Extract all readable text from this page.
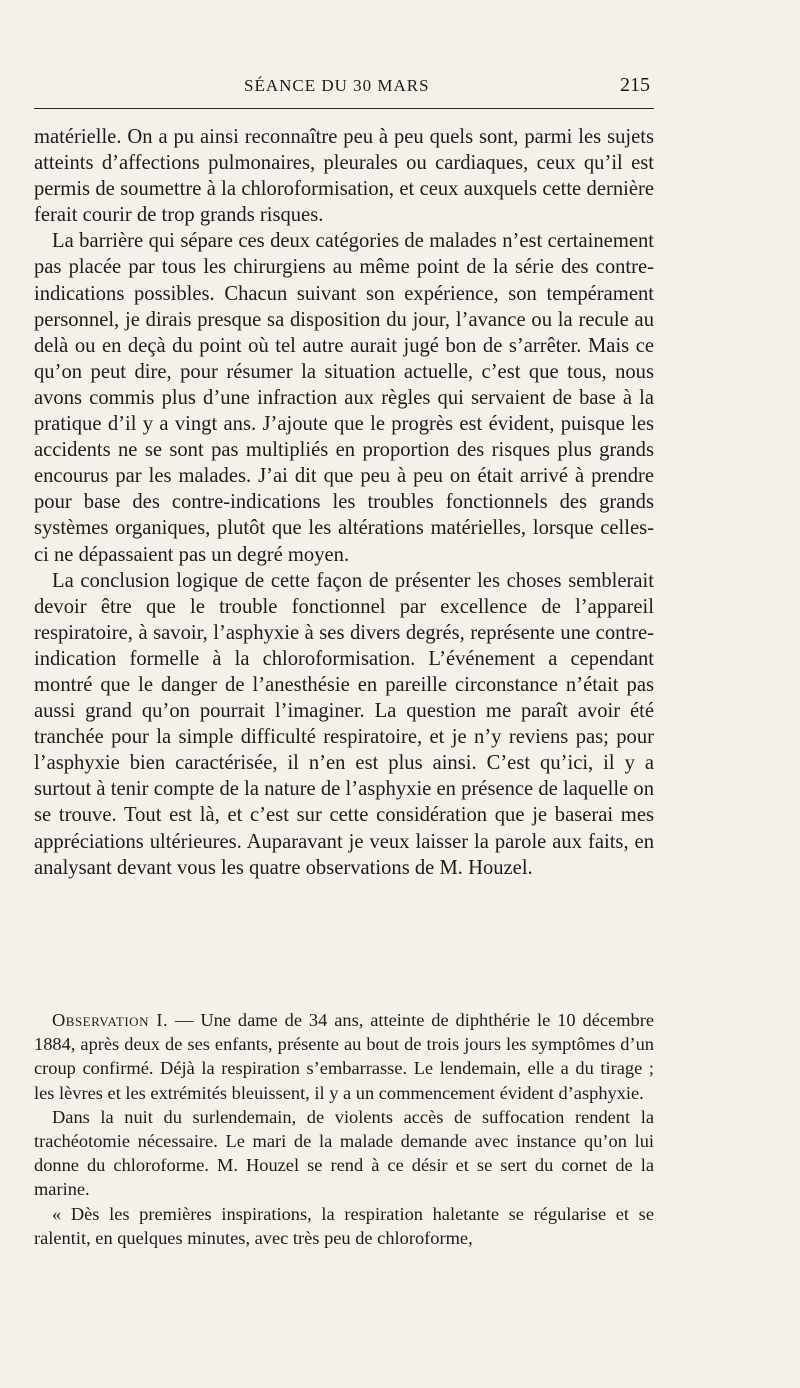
SÉANCE DU 30 MARS	215

matérielle. On a pu ainsi reconnaître peu à peu quels sont, parmi les sujets atteints d’affections pulmonaires, pleurales ou cardiaques, ceux qu’il est permis de soumettre à la chloroformisation, et ceux auxquels cette dernière ferait courir de trop grands risques.

La barrière qui sépare ces deux catégories de malades n’est certainement pas placée par tous les chirurgiens au même point de la série des contre-indications possibles. Chacun suivant son expérience, son tempérament personnel, je dirais presque sa disposition du jour, l’avance ou la recule au delà ou en deçà du point où tel autre aurait jugé bon de s’arrêter. Mais ce qu’on peut dire, pour résumer la situation actuelle, c’est que tous, nous avons commis plus d’une infraction aux règles qui servaient de base à la pratique d’il y a vingt ans. J’ajoute que le progrès est évident, puisque les accidents ne se sont pas multipliés en proportion des risques plus grands encourus par les malades. J’ai dit que peu à peu on était arrivé à prendre pour base des contre-indications les troubles fonctionnels des grands systèmes organiques, plutôt que les altérations matérielles, lorsque celles-ci ne dépassaient pas un degré moyen.

La conclusion logique de cette façon de présenter les choses semblerait devoir être que le trouble fonctionnel par excellence de l’appareil respiratoire, à savoir, l’asphyxie à ses divers degrés, représente une contre-indication formelle à la chloroformisation. L’événement a cependant montré que le danger de l’anesthésie en pareille circonstance n’était pas aussi grand qu’on pourrait l’imaginer. La question me paraît avoir été tranchée pour la simple difficulté respiratoire, et je n’y reviens pas; pour l’asphyxie bien caractérisée, il n’en est plus ainsi. C’est qu’ici, il y a surtout à tenir compte de la nature de l’asphyxie en présence de laquelle on se trouve. Tout est là, et c’est sur cette considération que je baserai mes appréciations ultérieures. Auparavant je veux laisser la parole aux faits, en analysant devant vous les quatre observations de M. Houzel.

Observation I. — Une dame de 34 ans, atteinte de diphthérie le 10 décembre 1884, après deux de ses enfants, présente au bout de trois jours les symptômes d’un croup confirmé. Déjà la respiration s’embarrasse. Le lendemain, elle a du tirage ; les lèvres et les extrémités bleuissent, il y a un commencement évident d’asphyxie.

Dans la nuit du surlendemain, de violents accès de suffocation rendent la trachéotomie nécessaire. Le mari de la malade demande avec instance qu’on lui donne du chloroforme. M. Houzel se rend à ce désir et se sert du cornet de la marine.

« Dès les premières inspirations, la respiration haletante se régularise et se ralentit, en quelques minutes, avec très peu de chloroforme,
